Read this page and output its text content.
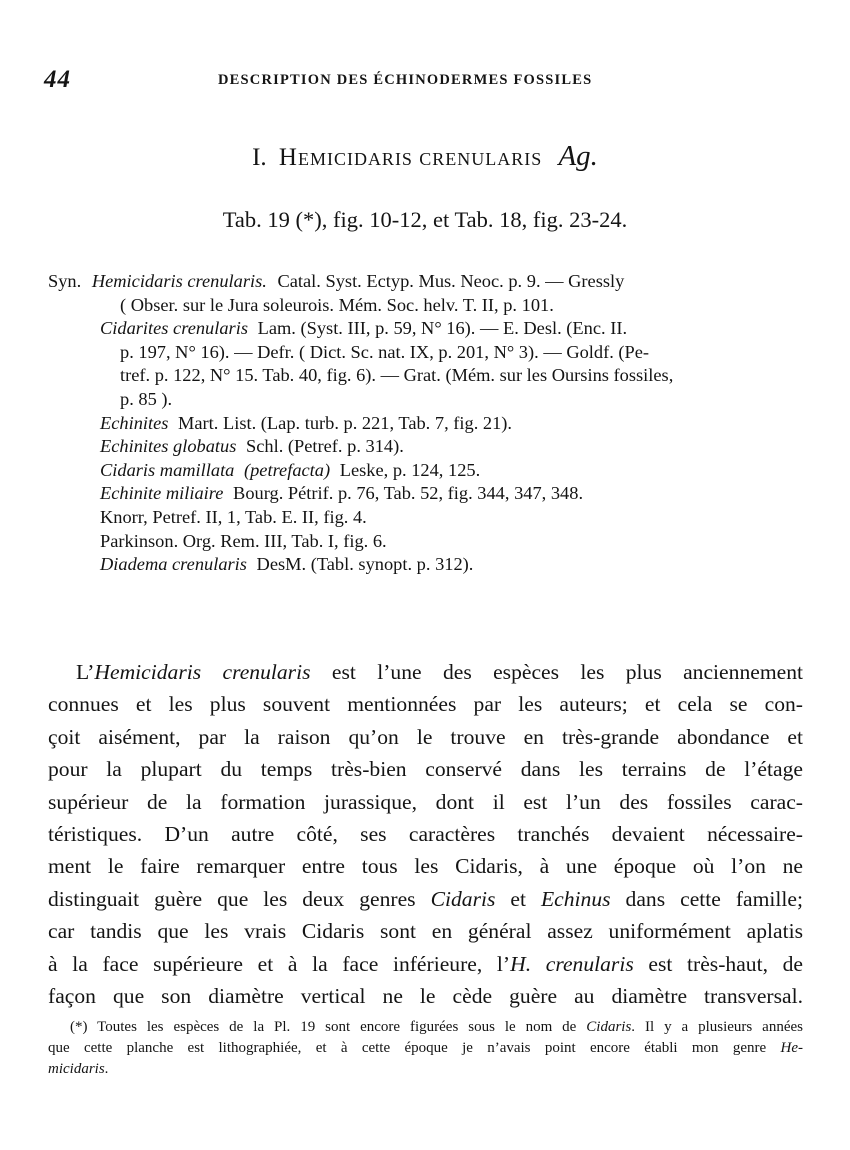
44	DESCRIPTION DES ÉCHINODERMES FOSSILES
I. Hemicidaris crenularis Ag.
Tab. 19 (*), fig. 10-12, et Tab. 18, fig. 23-24.
Syn. Hemicidaris crenularis. Catal. Syst. Ectyp. Mus. Neoc. p. 9. — Gressly
( Obser. sur le Jura soleurois. Mém. Soc. helv. T. II, p. 101.
Cidarites crenularis Lam. (Syst. III, p. 59, N° 16). — E. Desl. (Enc. II.
p. 197, N° 16). — Defr. ( Dict. Sc. nat. IX, p. 201, N° 3). — Goldf. (Pe-
tref. p. 122, N° 15. Tab. 40, fig. 6). — Grat. (Mém. sur les Oursins fossiles,
p. 85 ).
Echinites Mart. List. (Lap. turb. p. 221, Tab. 7, fig. 21).
Echinites globatus Schl. (Petref. p. 314).
Cidaris mamillata (petrefacta) Leske, p. 124, 125.
Echinite miliaire Bourg. Pétrif. p. 76, Tab. 52, fig. 344, 347, 348.
Knorr, Petref. II, 1, Tab. E. II, fig. 4.
Parkinson. Org. Rem. III, Tab. I, fig. 6.
Diadema crenularis DesM. (Tabl. synopt. p. 312).
L’Hemicidaris crenularis est l’une des espèces les plus anciennement
connues et les plus souvent mentionnées par les auteurs; et cela se con-
çoit aisément, par la raison qu’on le trouve en très-grande abondance et
pour la plupart du temps très-bien conservé dans les terrains de l’étage
supérieur de la formation jurassique, dont il est l’un des fossiles carac-
téristiques. D’un autre côté, ses caractères tranchés devaient nécessaire-
ment le faire remarquer entre tous les Cidaris, à une époque où l’on ne
distinguait guère que les deux genres Cidaris et Echinus dans cette famille;
car tandis que les vrais Cidaris sont en général assez uniformément aplatis
à la face supérieure et à la face inférieure, l’H. crenularis est très-haut, de
façon que son diamètre vertical ne le cède guère au diamètre transversal.
(*) Toutes les espèces de la Pl. 19 sont encore figurées sous le nom de Cidaris. Il y a plusieurs années
que cette planche est lithographiée, et à cette époque je n’avais point encore établi mon genre He-
micidaris.
